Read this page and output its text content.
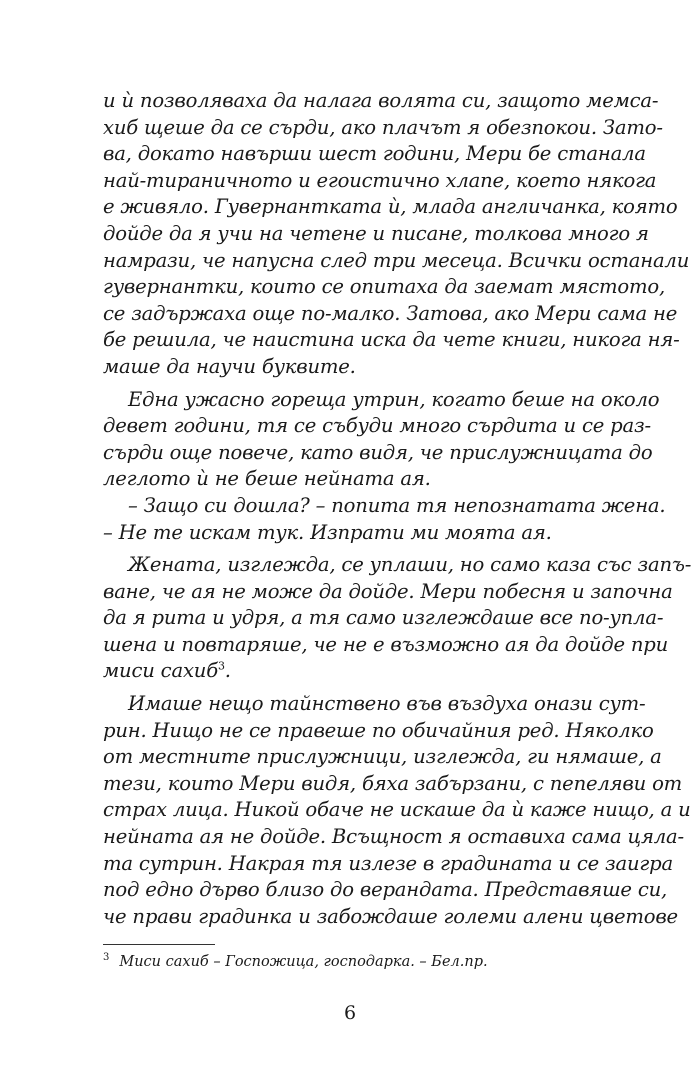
и ѝ позволяваха да налага волята си, защото мемса-
хиб щеше да се сърди, ако плачът я обезпокои. Зато-
ва, докато навърши шест години, Мери бе станала
най-тираничното и егоистично хлапе, което някога
е живяло. Гувернантката ѝ, млада англичанка, която
дойде да я учи на четене и писане, толкова много я
намрази, че напусна след три месеца. Всички останали
гувернантки, които се опитаха да заемат мястото,
се задържаха още по-малко. Затова, ако Мери сама не
бе решила, че наистина иска да чете книги, никога ня-
маше да научи буквите.
Една ужасно гореща утрин, когато беше на около
девет години, тя се събуди много сърдита и се раз-
сърди още повече, като видя, че прислужницата до
леглото ѝ не беше нейната ая.
– Защо си дошла? – попита тя непознатата жена.
– Не те искам тук. Изпрати ми моята ая.
Жената, изглежда, се уплаши, но само каза със запъ-
ване, че ая не може да дойде. Мери побесня и започна
да я рита и удря, а тя само изглеждаше все по-упла-
шена и повтаряше, че не е възможно ая да дойде при
миси сахиб$^3$.
Имаше нещо тайнствено във въздуха онази сут-
рин. Нищо не се правеше по обичайния ред. Няколко
от местните прислужници, изглежда, ги нямаше, а
тези, които Мери видя, бяха забързани, с пепеляви от
страх лица. Никой обаче не искаше да ѝ каже нищо, а и
нейната ая не дойде. Всъщност я оставиха сама цяла-
та сутрин. Накрая тя излезе в градината и се заигра
под едно дърво близо до верандата. Представяше си,
че прави градинка и забождаше големи алени цветове
$^3$ Миси сахиб – Госпожица, господарка. – Бел.пр.
6
